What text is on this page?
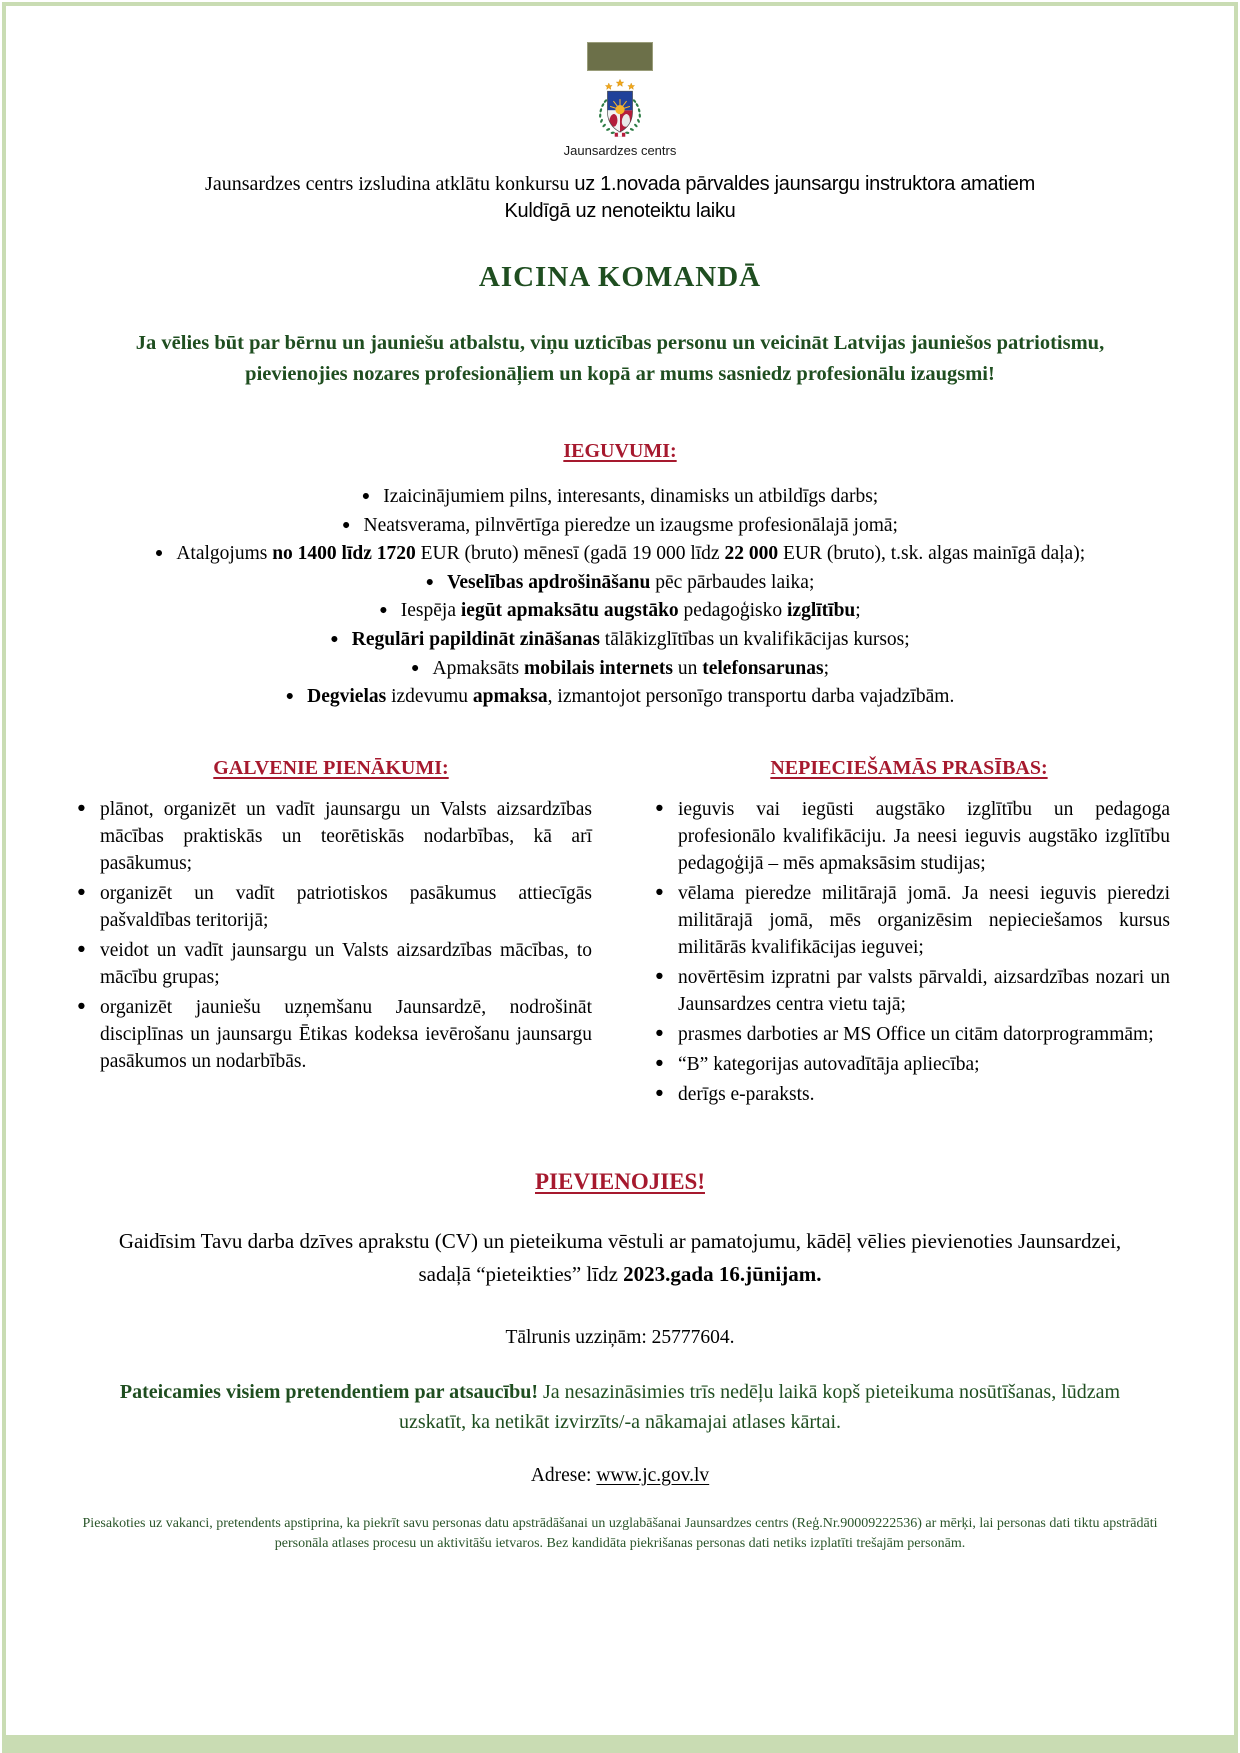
Jaunsardzes centrs
Jaunsardzes centrs izsludina atklātu konkursu uz 1.novada pārvaldes jaunsargu instruktora amatiem
Kuldīgā uz nenoteiktu laiku
AICINA KOMANDĀ

Ja vēlies būt par bērnu un jauniešu atbalstu, viņu uzticības personu un veicināt Latvijas jauniešos patriotismu, pievienojies nozares profesionāļiem un kopā ar mums sasniedz profesionālu izaugsmi!

IEGUVUMI:
● Izaicinājumiem pilns, interesants, dinamisks un atbildīgs darbs;
● Neatsverama, pilnvērtīga pieredze un izaugsme profesionālajā jomā;
● Atalgojums no 1400 līdz 1720 EUR (bruto) mēnesī (gadā 19 000 līdz 22 000 EUR (bruto), t.sk. algas mainīgā daļa);
● Veselības apdrošināšanu pēc pārbaudes laika;
● Iespēja iegūt apmaksātu augstāko pedagoģisko izglītību;
● Regulāri papildināt zināšanas tālākizglītības un kvalifikācijas kursos;
● Apmaksāts mobilais internets un telefonsarunas;
● Degvielas izdevumu apmaksa, izmantojot personīgo transportu darba vajadzībām.
GALVENIE PIENĀKUMI:
● plānot, organizēt un vadīt jaunsargu un Valsts aizsardzības mācības praktiskās un teorētiskās nodarbības, kā arī pasākumus;
● organizēt un vadīt patriotiskos pasākumus attiecīgās pašvaldības teritorijā;
● veidot un vadīt jaunsargu un Valsts aizsardzības mācības, to mācību grupas;
● organizēt jauniešu uzņemšanu Jaunsardzē, nodrošināt disciplīnas un jaunsargu Ētikas kodeksa ievērošanu jaunsargu pasākumos un nodarbībās.
NEPIECIEŠAMĀS PRASĪBAS:
● ieguvis vai iegūsti augstāko izglītību un pedagoga profesionālo kvalifikāciju. Ja neesi ieguvis augstāko izglītību pedagoģijā – mēs apmaksāsim studijas;
● vēlama pieredze militārajā jomā. Ja neesi ieguvis pieredzi militārajā jomā, mēs organizēsim nepieciešamos kursus militārās kvalifikācijas ieguvei;
● novērtēsim izpratni par valsts pārvaldi, aizsardzības nozari un Jaunsardzes centra vietu tajā;
● prasmes darboties ar MS Office un citām datorprogrammām;
● “B” kategorijas autovadītāja apliecība;
● derīgs e-paraksts.
PIEVIENOJIES!

Gaidīsim Tavu darba dzīves aprakstu (CV) un pieteikuma vēstuli ar pamatojumu, kādēļ vēlies pievienoties Jaunsardzei, sadaļā “pieteikties” līdz 2023.gada 16.jūnijam.

Tālrunis uzziņām: 25777604.

Pateicamies visiem pretendentiem par atsaucību! Ja nesazināsimies trīs nedēļu laikā kopš pieteikuma nosūtīšanas, lūdzam uzskatīt, ka netikāt izvirzīts/-a nākamajai atlases kārtai.

Adrese: www.jc.gov.lv

Piesakoties uz vakanci, pretendents apstiprina, ka piekrīt savu personas datu apstrādāšanai un uzglabāšanai Jaunsardzes centrs (Reģ.Nr.90009222536) ar mērķi, lai personas dati tiktu apstrādāti personāla atlases procesu un aktivitāšu ietvaros. Bez kandidāta piekrišanas personas dati netiks izplatīti trešajām personām.
